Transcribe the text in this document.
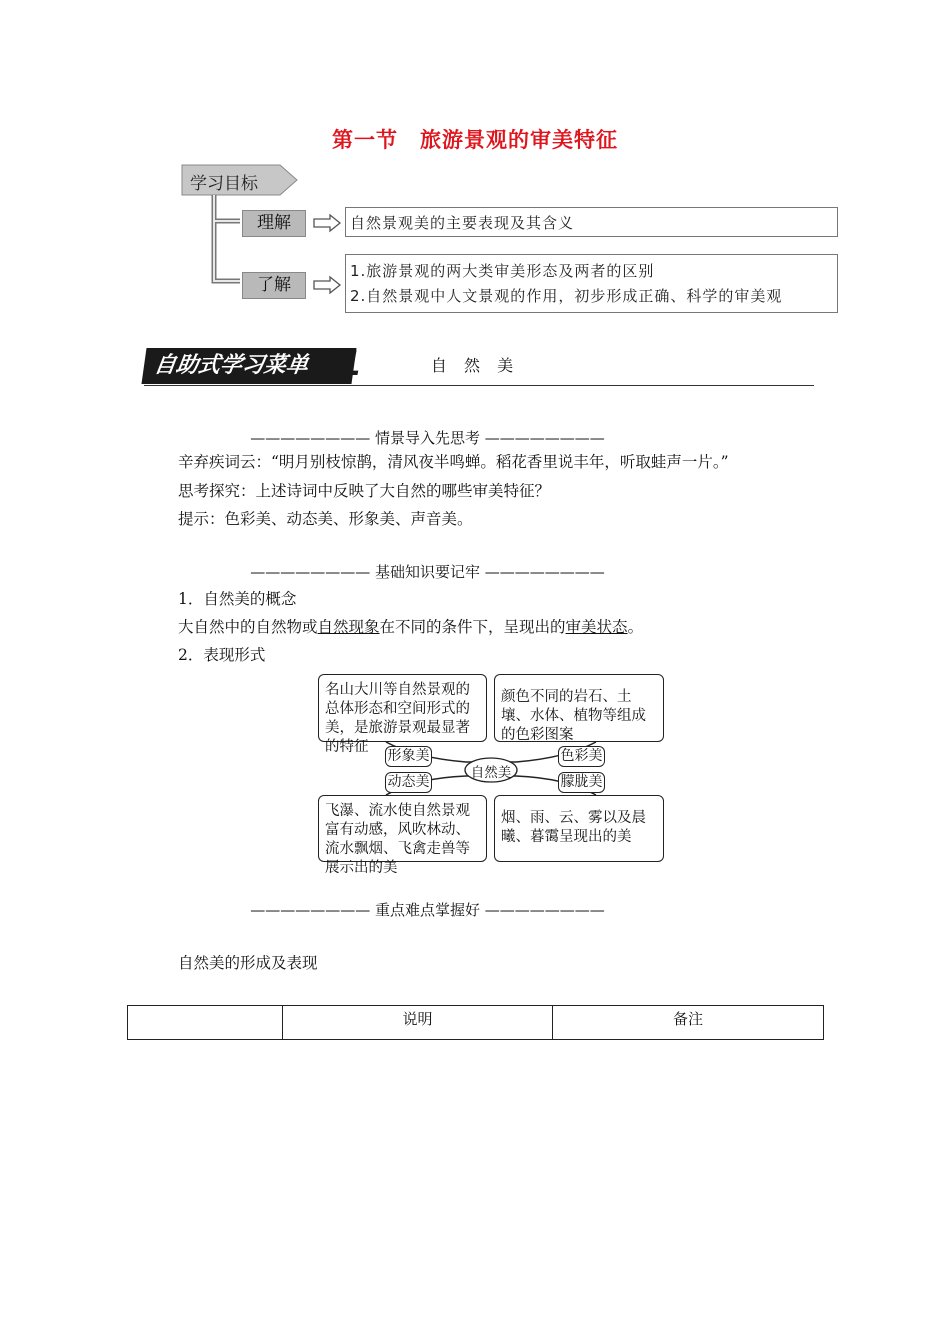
第一节　旅游景观的审美特征
学习目标
理解	自然景观美的主要表现及其含义
了解
1.旅游景观的两大类审美形态及两者的区别
2.自然景观中人文景观的作用，初步形成正确、科学的审美观
自助式学习菜单 01	自 然 美
———————— 情景导入先思考 ————————
辛弃疾词云：“明月别枝惊鹊，清风夜半鸣蝉。稻花香里说丰年，听取蛙声一片。”
思考探究：上述诗词中反映了大自然的哪些审美特征？
提示：色彩美、动态美、形象美、声音美。
———————— 基础知识要记牢 ————————
1．自然美的概念
大自然中的自然物或自然现象在不同的条件下，呈现出的审美状态。
2．表现形式
名山大川等自然景观的总体形态和空间形式的美，是旅游景观最显著的特征
颜色不同的岩石、土壤、水体、植物等组成的色彩图案
形象美	色彩美
自然美
动态美	朦胧美
飞瀑、流水使自然景观富有动感，风吹林动、流水飘烟、飞禽走兽等展示出的美
烟、雨、云、雾以及晨曦、暮霭呈现出的美
———————— 重点难点掌握好 ————————
自然美的形成及表现
	说明	备注
